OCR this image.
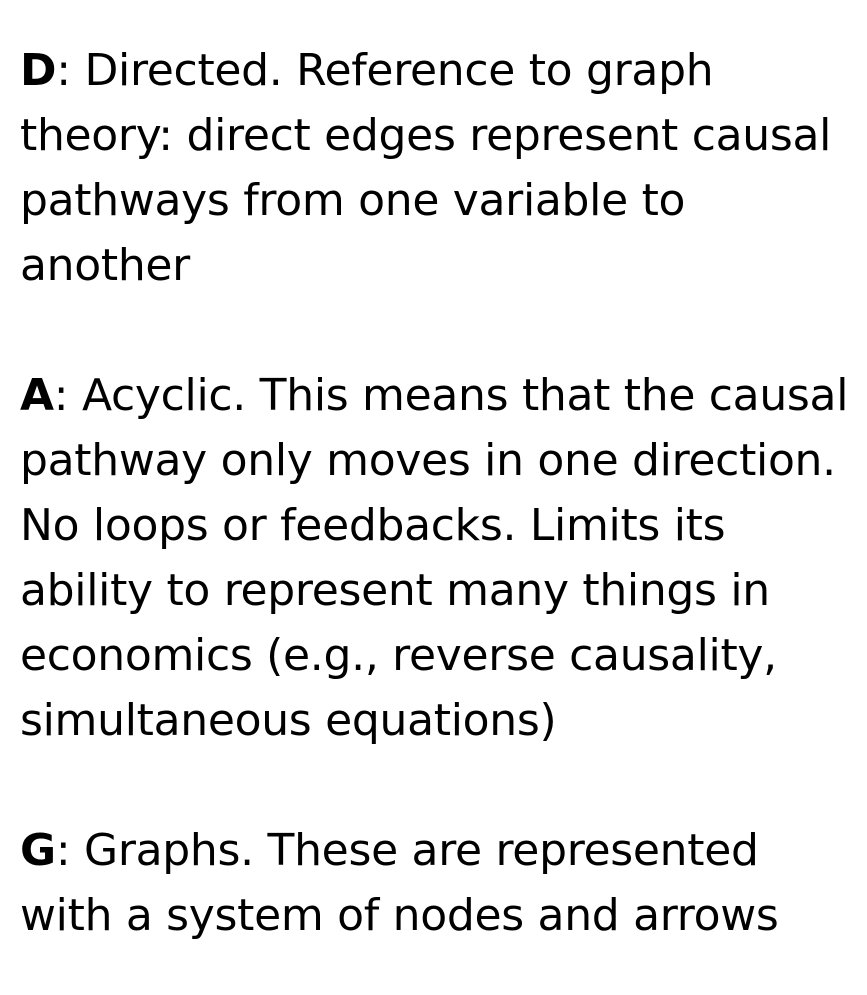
D: Directed. Reference to graph theory: direct edges represent causal pathways from one variable to another

A: Acyclic. This means that the causal pathway only moves in one direction. No loops or feedbacks. Limits its ability to represent many things in economics (e.g., reverse causality, simultaneous equations)

G: Graphs. These are represented with a system of nodes and arrows
